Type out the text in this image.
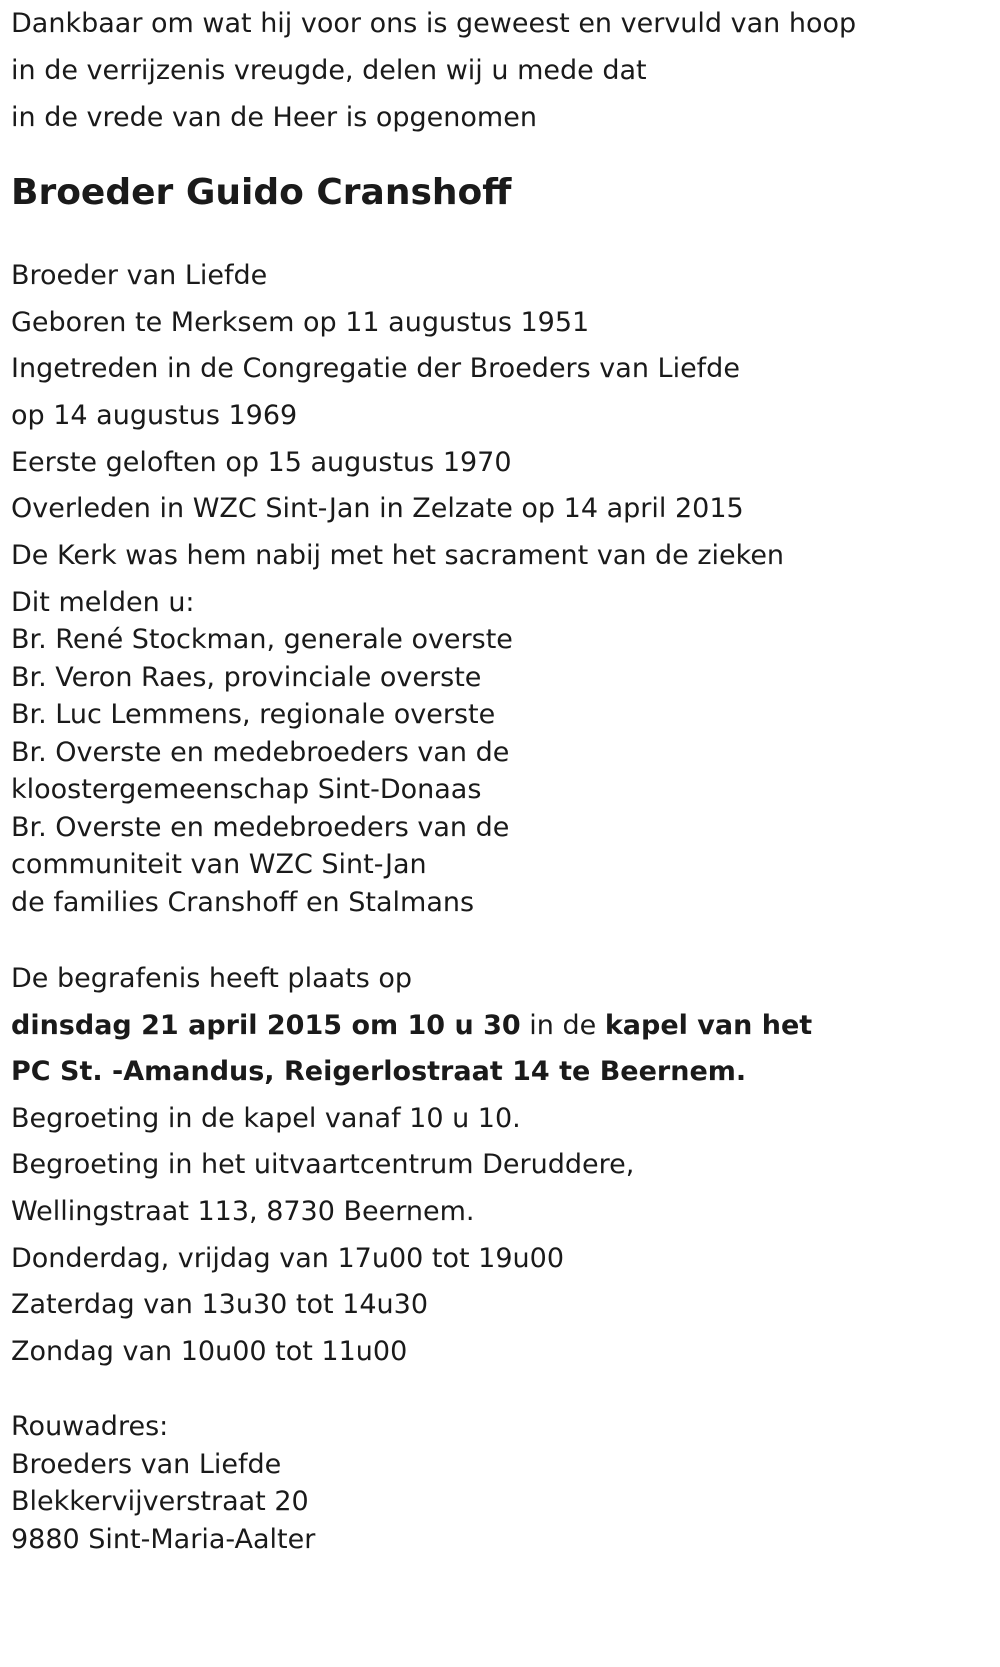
Dankbaar om wat hij voor ons is geweest en vervuld van hoop
in de verrijzenis vreugde, delen wij u mede dat
in de vrede van de Heer is opgenomen
Broeder Guido Cranshoff
Broeder van Liefde
Geboren te Merksem op 11 augustus 1951
Ingetreden in de Congregatie der Broeders van Liefde
op 14 augustus 1969
Eerste geloften op 15 augustus 1970
Overleden in WZC Sint-Jan in Zelzate op 14 april 2015
De Kerk was hem nabij met het sacrament van de zieken
Dit melden u:
Br. René Stockman, generale overste
Br. Veron Raes, provinciale overste
Br. Luc Lemmens, regionale overste
Br. Overste en medebroeders van de
kloostergemeenschap Sint-Donaas
Br. Overste en medebroeders van de
communiteit van WZC Sint-Jan
de families Cranshoff en Stalmans
De begrafenis heeft plaats op
dinsdag 21 april 2015 om 10 u 30 in de kapel van het
PC St. -Amandus, Reigerlostraat 14 te Beernem.
Begroeting in de kapel vanaf 10 u 10.
Begroeting in het uitvaartcentrum Deruddere,
Wellingstraat 113, 8730 Beernem.
Donderdag, vrijdag van 17u00 tot 19u00
Zaterdag van 13u30 tot 14u30
Zondag van 10u00 tot 11u00
Rouwadres:
Broeders van Liefde
Blekkervijverstraat 20
9880 Sint-Maria-Aalter
